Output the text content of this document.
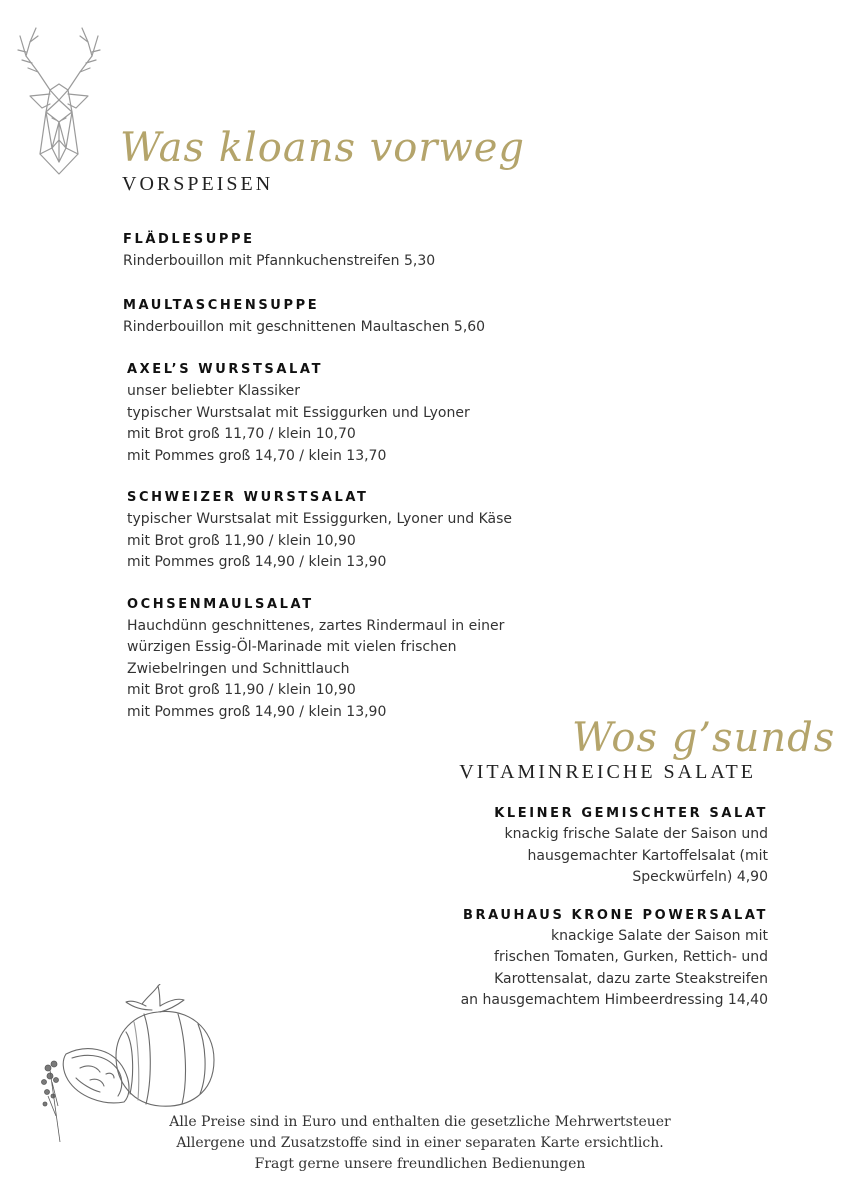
Was kloans vorweg
VORSPEISEN
FLÄDLESUPPE
Rinderbouillon mit Pfannkuchenstreifen 5,30
MAULTASCHENSUPPE
Rinderbouillon mit geschnittenen Maultaschen 5,60
AXEL’S WURSTSALAT
unser beliebter Klassiker
typischer Wurstsalat mit Essiggurken und Lyoner
mit Brot groß 11,70 / klein 10,70
mit Pommes groß 14,70 / klein 13,70
SCHWEIZER WURSTSALAT
typischer Wurstsalat mit Essiggurken, Lyoner und Käse
mit Brot groß 11,90 / klein 10,90
mit Pommes groß 14,90 / klein 13,90
OCHSENMAULSALAT
Hauchdünn geschnittenes, zartes Rindermaul in einer
würzigen Essig-Öl-Marinade mit vielen frischen
Zwiebelringen und Schnittlauch
mit Brot groß 11,90 / klein 10,90
mit Pommes groß 14,90 / klein 13,90
Wos g’sunds
VITAMINREICHE SALATE
KLEINER GEMISCHTER SALAT
knackig frische Salate der Saison und
hausgemachter Kartoffelsalat (mit
Speckwürfeln) 4,90
BRAUHAUS KRONE POWERSALAT
knackige Salate der Saison mit
frischen Tomaten, Gurken, Rettich- und
Karottensalat, dazu zarte Steakstreifen
an hausgemachtem Himbeerdressing 14,40
Alle Preise sind in Euro und enthalten die gesetzliche Mehrwertsteuer
Allergene und Zusatzstoffe sind in einer separaten Karte ersichtlich.
Fragt gerne unsere freundlichen Bedienungen
